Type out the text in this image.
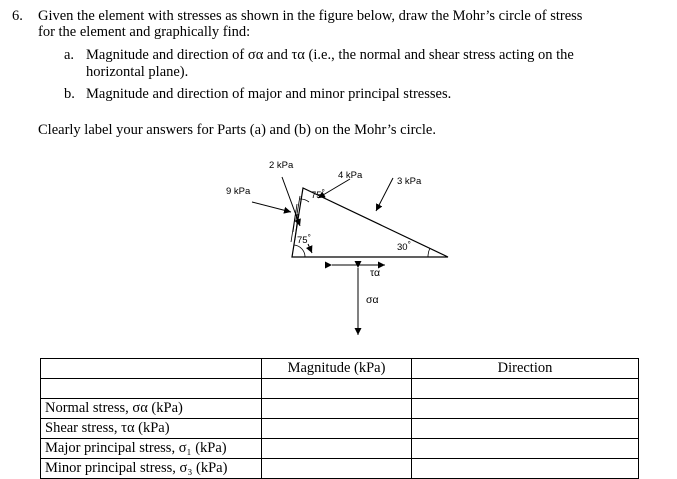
6. Given the element with stresses as shown in the figure below, draw the Mohr’s circle of stress
for the element and graphically find:
a. Magnitude and direction of σα and τα (i.e., the normal and shear stress acting on the
horizontal plane).
b. Magnitude and direction of major and minor principal stresses.
Clearly label your answers for Parts (a) and (b) on the Mohr’s circle.
2 kPa
4 kPa
3 kPa
9 kPa	75°
75°
30°
τα
σα
	Magnitude (kPa)	Direction

Normal stress, σα (kPa)		
Shear stress, τα (kPa)		
Major principal stress, σ₁ (kPa)		
Minor principal stress, σ₃ (kPa)		
